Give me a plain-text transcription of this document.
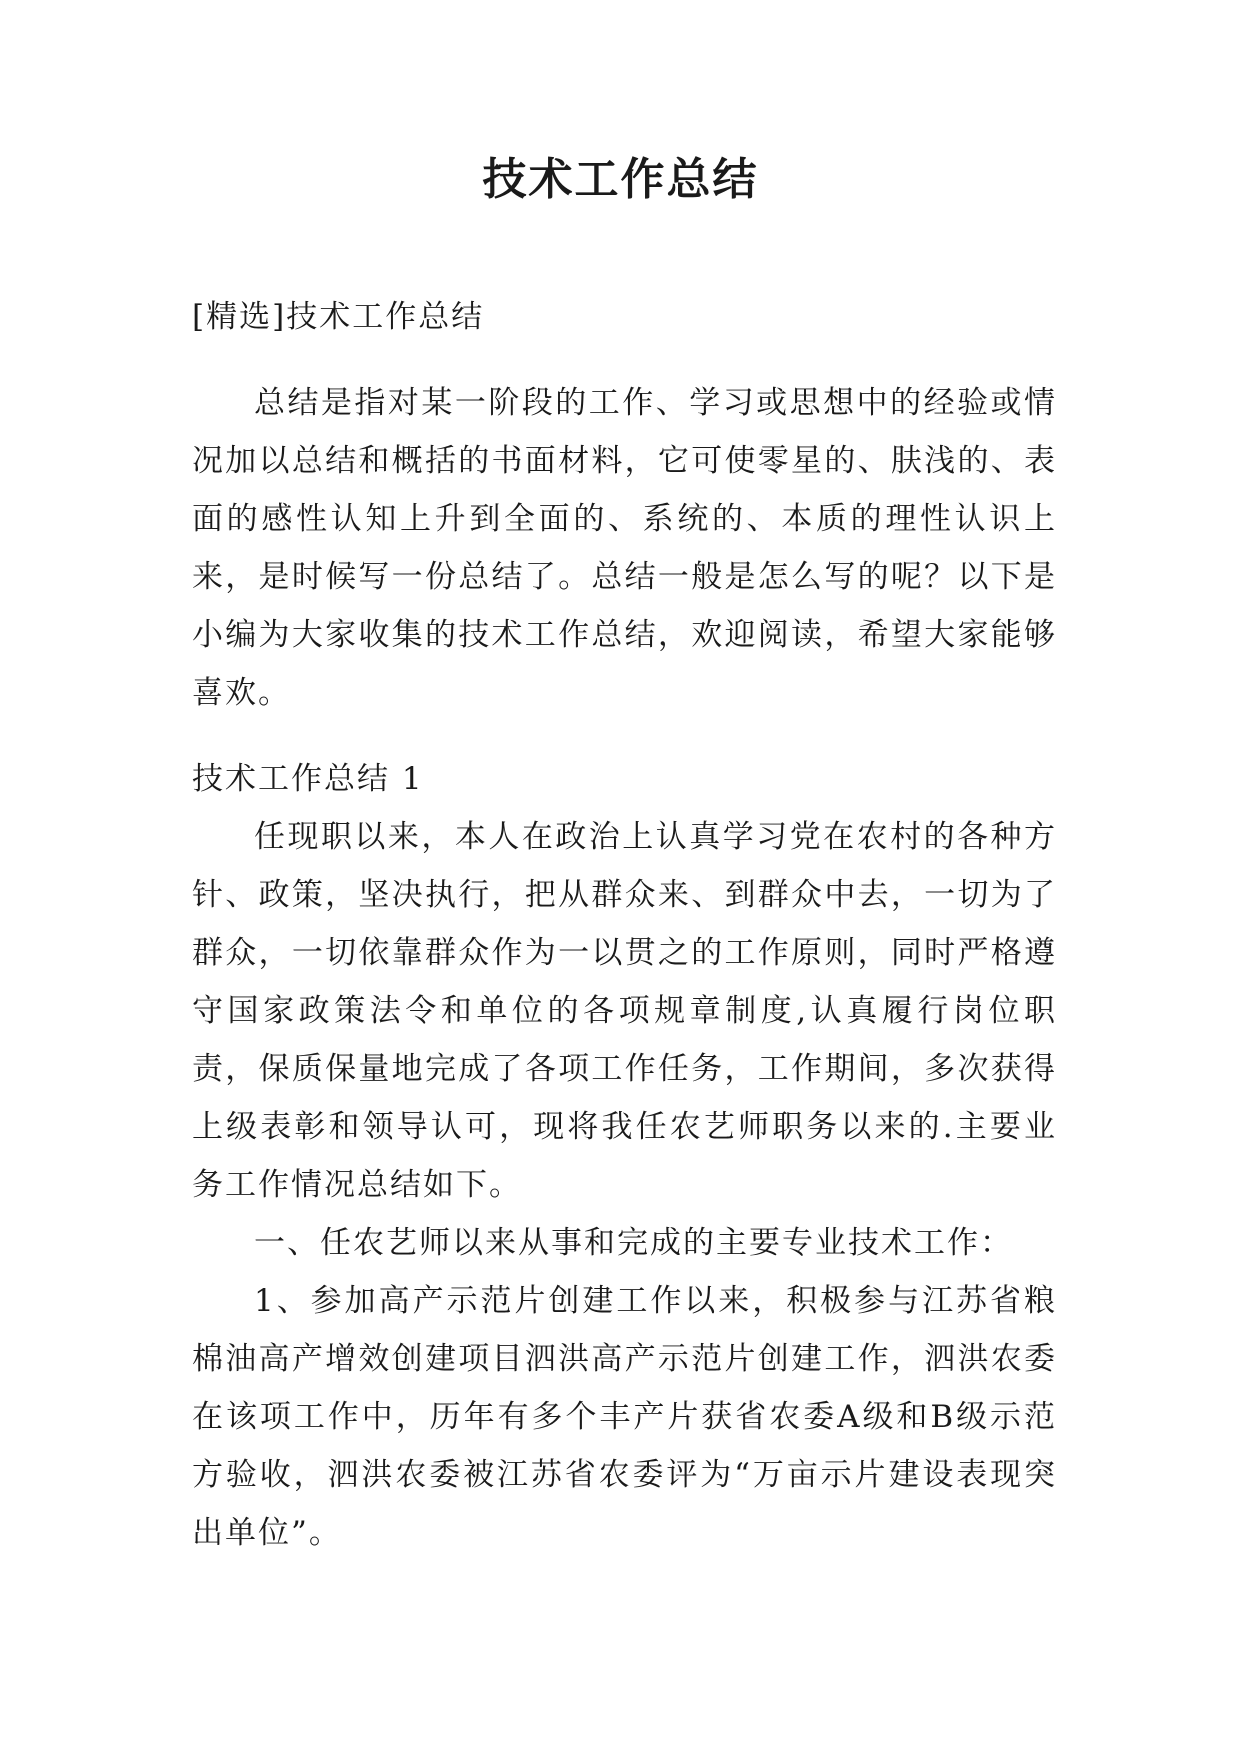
技术工作总结

[精选]技术工作总结

总结是指对某一阶段的工作、学习或思想中的经验或情况加以总结和概括的书面材料，它可使零星的、肤浅的、表面的感性认知上升到全面的、系统的、本质的理性认识上来，是时候写一份总结了。总结一般是怎么写的呢？以下是小编为大家收集的技术工作总结，欢迎阅读，希望大家能够喜欢。

技术工作总结 1

任现职以来，本人在政治上认真学习党在农村的各种方针、政策，坚决执行，把从群众来、到群众中去，一切为了群众，一切依靠群众作为一以贯之的工作原则，同时严格遵守国家政策法令和单位的各项规章制度,认真履行岗位职责，保质保量地完成了各项工作任务，工作期间，多次获得上级表彰和领导认可，现将我任农艺师职务以来的.主要业务工作情况总结如下。

一、任农艺师以来从事和完成的主要专业技术工作：

1、参加高产示范片创建工作以来，积极参与江苏省粮棉油高产增效创建项目泗洪高产示范片创建工作，泗洪农委在该项工作中，历年有多个丰产片获省农委A级和B级示范方验收，泗洪农委被江苏省农委评为“万亩示片建设表现突出单位”。
